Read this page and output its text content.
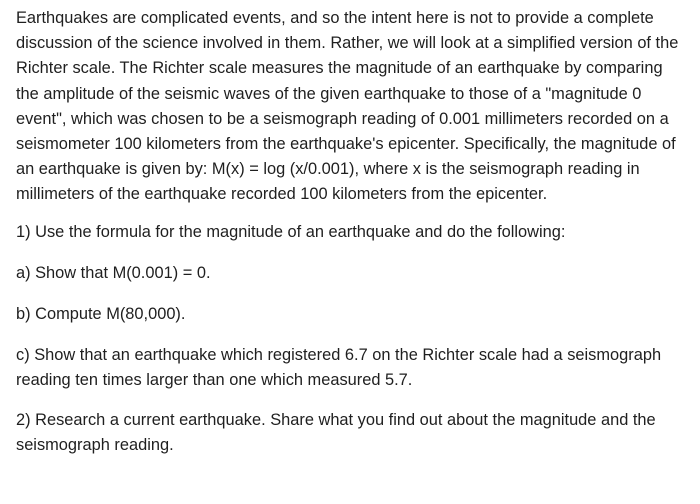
Earthquakes are complicated events, and so the intent here is not to provide a complete discussion of the science involved in them. Rather, we will look at a simplified version of the Richter scale. The Richter scale measures the magnitude of an earthquake by comparing the amplitude of the seismic waves of the given earthquake to those of a "magnitude 0 event", which was chosen to be a seismograph reading of 0.001 millimeters recorded on a seismometer 100 kilometers from the earthquake's epicenter. Specifically, the magnitude of an earthquake is given by: M(x) = log (x/0.001), where x is the seismograph reading in millimeters of the earthquake recorded 100 kilometers from the epicenter.

1) Use the formula for the magnitude of an earthquake and do the following:

a) Show that M(0.001) = 0.

b) Compute M(80,000).

c) Show that an earthquake which registered 6.7 on the Richter scale had a seismograph reading ten times larger than one which measured 5.7.

2) Research a current earthquake. Share what you find out about the magnitude and the seismograph reading.
